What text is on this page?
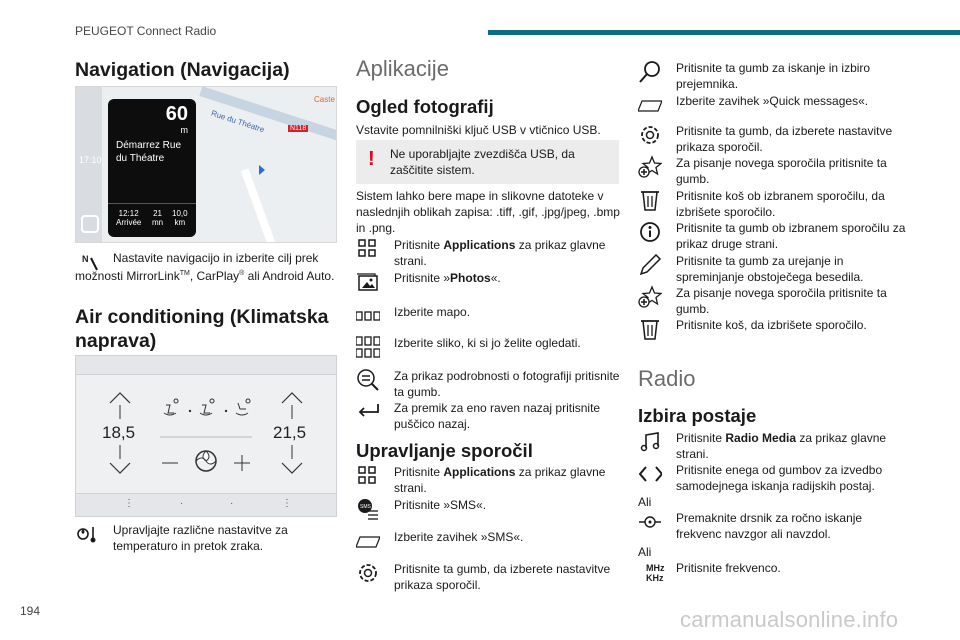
PEUGEOT Connect Radio
Navigation (Navigacija)
17:10
Rue du Théatre	N118
Caste
60
m
Démarrez Rue du Théatre
12:12
Arrivée
21
mn
10,0
km
N Nastavite navigacijo in izberite cilj prek možnosti MirrorLink™, CarPlay® ali Android Auto.
Air conditioning (Klimatska naprava)
18,5	21,5
⋮	·	·	⋮
Upravljajte različne nastavitve za temperaturo in pretok zraka.
Aplikacije
Ogled fotografij
Vstavite pomnilniški ključ USB v vtičnico USB.
! Ne uporabljajte zvezdišča USB, da zaščitite sistem.
Sistem lahko bere mape in slikovne datoteke v naslednjih oblikah zapisa: .tiff, .gif, .jpg/jpeg, .bmp in .png.
Pritisnite Applications za prikaz glavne strani.
Pritisnite »Photos«.
Izberite mapo.
Izberite sliko, ki si jo želite ogledati.
Za prikaz podrobnosti o fotografiji pritisnite ta gumb.
Za premik za eno raven nazaj pritisnite puščico nazaj.
Upravljanje sporočil
Pritisnite Applications za prikaz glavne strani.
SMS Pritisnite »SMS«.
Izberite zavihek »SMS«.
Pritisnite ta gumb, da izberete nastavitve prikaza sporočil.
Pritisnite ta gumb za iskanje in izbiro prejemnika.
Izberite zavihek »Quick messages«.
Pritisnite ta gumb, da izberete nastavitve prikaza sporočil.
Za pisanje novega sporočila pritisnite ta gumb.
Pritisnite koš ob izbranem sporočilu, da izbrišete sporočilo.
Pritisnite ta gumb ob izbranem sporočilu za prikaz druge strani.
Pritisnite ta gumb za urejanje in spreminjanje obstoječega besedila.
Za pisanje novega sporočila pritisnite ta gumb.
Pritisnite koš, da izbrišete sporočilo.
Radio
Izbira postaje
Pritisnite Radio Media za prikaz glavne strani.
Pritisnite enega od gumbov za izvedbo samodejnega iskanja radijskih postaj.
Ali
Premaknite drsnik za ročno iskanje frekvenc navzgor ali navzdol.
Ali
MHz
KHz
Pritisnite frekvenco.
194	carmanualsonline.info
